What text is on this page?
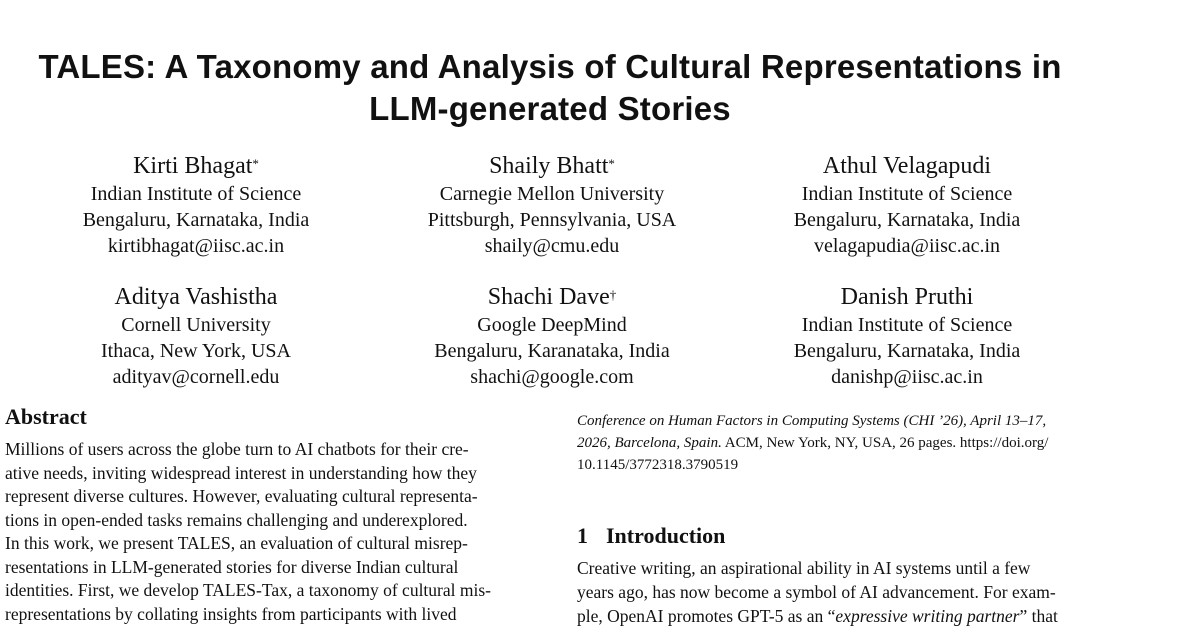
TALES: A Taxonomy and Analysis of Cultural Representations in
LLM-generated Stories
Kirti Bhagat*
Indian Institute of Science
Bengaluru, Karnataka, India
kirtibhagat@iisc.ac.in
Shaily Bhatt*
Carnegie Mellon University
Pittsburgh, Pennsylvania, USA
shaily@cmu.edu
Athul Velagapudi
Indian Institute of Science
Bengaluru, Karnataka, India
velagapudia@iisc.ac.in
Aditya Vashistha
Cornell University
Ithaca, New York, USA
adityav@cornell.edu
Shachi Dave†
Google DeepMind
Bengaluru, Karanataka, India
shachi@google.com
Danish Pruthi
Indian Institute of Science
Bengaluru, Karnataka, India
danishp@iisc.ac.in
Abstract
Millions of users across the globe turn to AI chatbots for their cre-
ative needs, inviting widespread interest in understanding how they
represent diverse cultures. However, evaluating cultural representa-
tions in open-ended tasks remains challenging and underexplored.
In this work, we present TALES, an evaluation of cultural misrep-
resentations in LLM-generated stories for diverse Indian cultural
identities. First, we develop TALES-Tax, a taxonomy of cultural mis-
representations by collating insights from participants with lived
Conference on Human Factors in Computing Systems (CHI ’26), April 13–17,
2026, Barcelona, Spain. ACM, New York, NY, USA, 26 pages. https://doi.org/
10.1145/3772318.3790519
1 Introduction
Creative writing, an aspirational ability in AI systems until a few
years ago, has now become a symbol of AI advancement. For exam-
ple, OpenAI promotes GPT-5 as an “expressive writing partner” that
